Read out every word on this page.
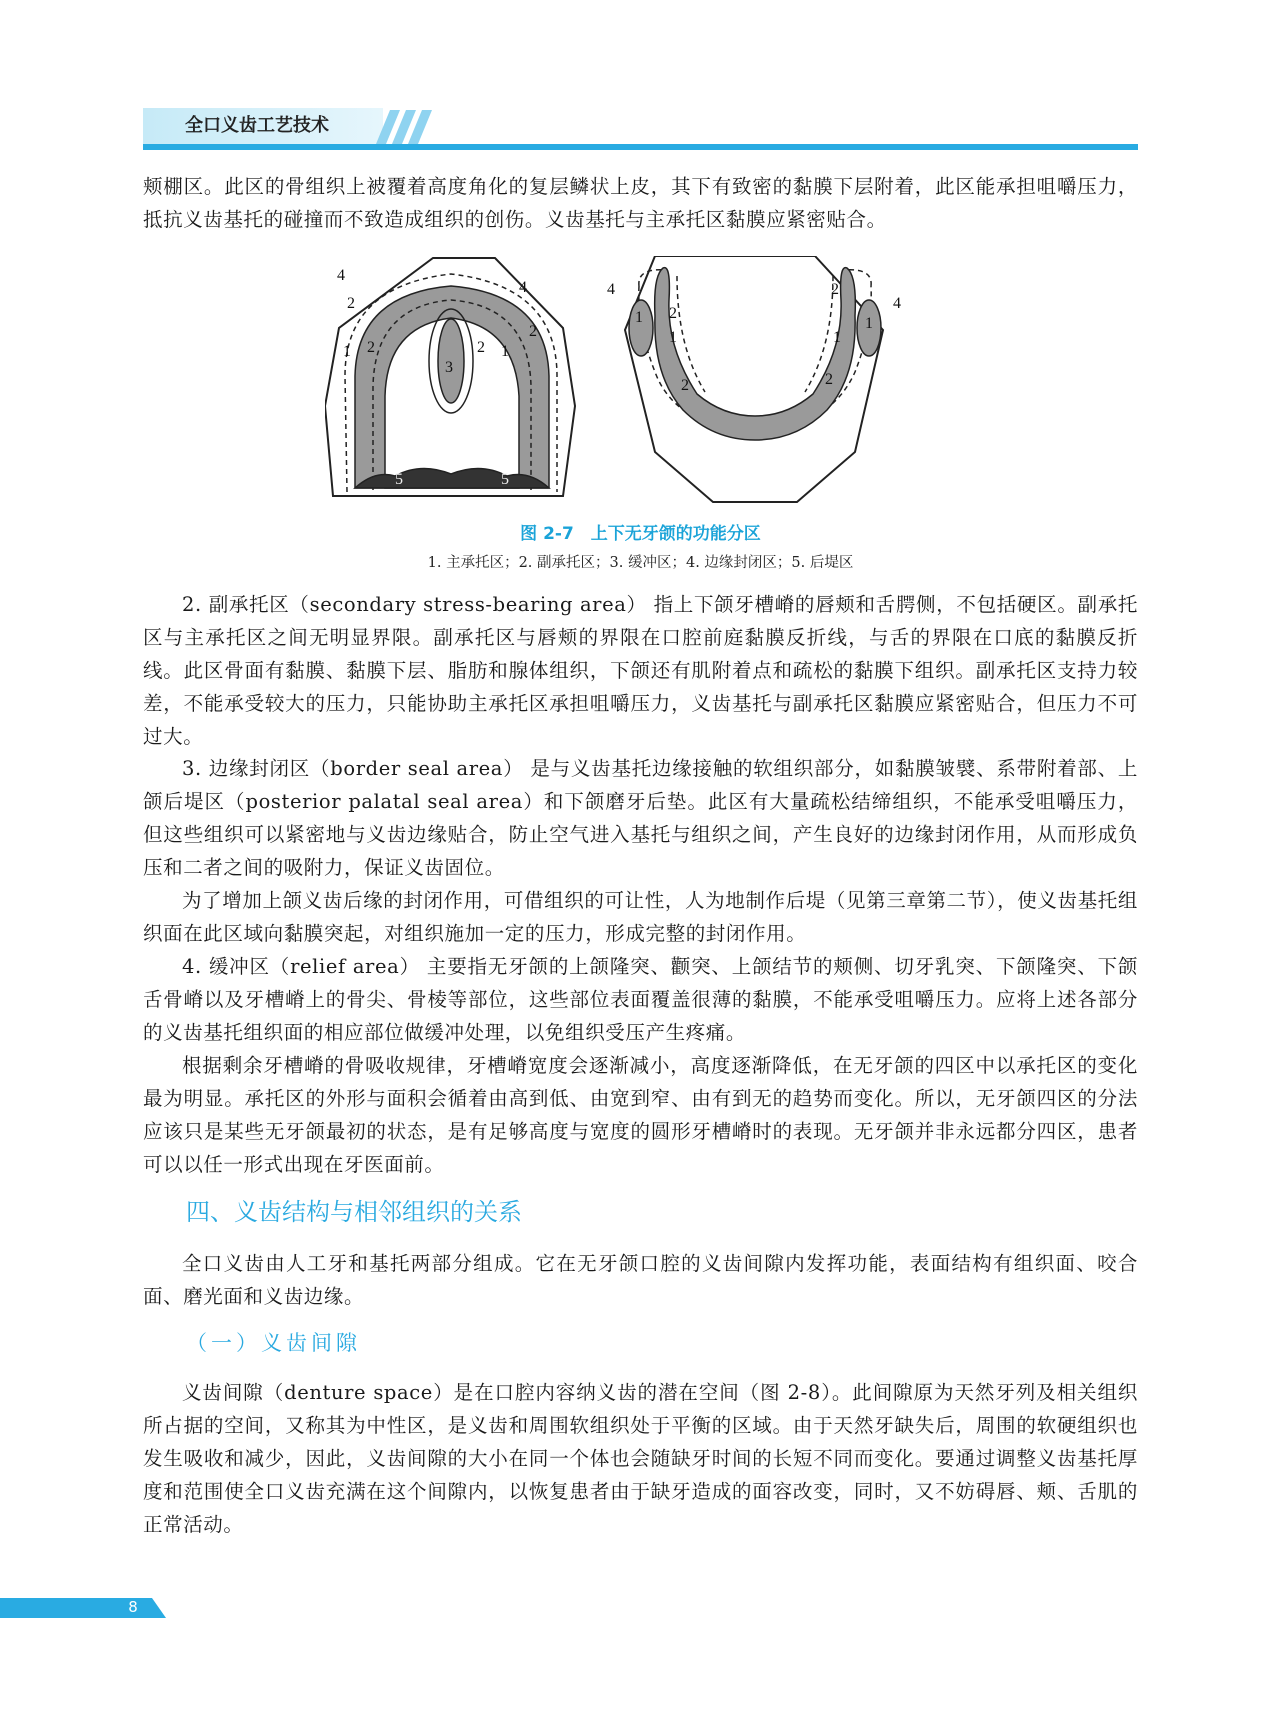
全口义齿工艺技术

颊棚区。此区的骨组织上被覆着高度角化的复层鳞状上皮，其下有致密的黏膜下层附着，此区能承担咀嚼压力，抵抗义齿基托的碰撞而不致造成组织的创伤。义齿基托与主承托区黏膜应紧密贴合。

4
4
2
2
1 2	2 1
3
5	5
4
4
1	1
2
2
1	1
2	2
图 2-7　上下无牙颌的功能分区
1. 主承托区；2. 副承托区；3. 缓冲区；4. 边缘封闭区；5. 后堤区

2. 副承托区（secondary stress-bearing area） 指上下颌牙槽嵴的唇颊和舌腭侧，不包括硬区。副承托区与主承托区之间无明显界限。副承托区与唇颊的界限在口腔前庭黏膜反折线，与舌的界限在口底的黏膜反折线。此区骨面有黏膜、黏膜下层、脂肪和腺体组织，下颌还有肌附着点和疏松的黏膜下组织。副承托区支持力较差，不能承受较大的压力，只能协助主承托区承担咀嚼压力，义齿基托与副承托区黏膜应紧密贴合，但压力不可过大。

3. 边缘封闭区（border seal area） 是与义齿基托边缘接触的软组织部分，如黏膜皱襞、系带附着部、上颌后堤区（posterior palatal seal area）和下颌磨牙后垫。此区有大量疏松结缔组织，不能承受咀嚼压力，但这些组织可以紧密地与义齿边缘贴合，防止空气进入基托与组织之间，产生良好的边缘封闭作用，从而形成负压和二者之间的吸附力，保证义齿固位。

为了增加上颌义齿后缘的封闭作用，可借组织的可让性，人为地制作后堤（见第三章第二节），使义齿基托组织面在此区域向黏膜突起，对组织施加一定的压力，形成完整的封闭作用。

4. 缓冲区（relief area） 主要指无牙颌的上颌隆突、颧突、上颌结节的颊侧、切牙乳突、下颌隆突、下颌舌骨嵴以及牙槽嵴上的骨尖、骨棱等部位，这些部位表面覆盖很薄的黏膜，不能承受咀嚼压力。应将上述各部分的义齿基托组织面的相应部位做缓冲处理，以免组织受压产生疼痛。

根据剩余牙槽嵴的骨吸收规律，牙槽嵴宽度会逐渐减小，高度逐渐降低，在无牙颌的四区中以承托区的变化最为明显。承托区的外形与面积会循着由高到低、由宽到窄、由有到无的趋势而变化。所以，无牙颌四区的分法应该只是某些无牙颌最初的状态，是有足够高度与宽度的圆形牙槽嵴时的表现。无牙颌并非永远都分四区，患者可以以任一形式出现在牙医面前。

四、义齿结构与相邻组织的关系

全口义齿由人工牙和基托两部分组成。它在无牙颌口腔的义齿间隙内发挥功能，表面结构有组织面、咬合面、磨光面和义齿边缘。

（一）义齿间隙

义齿间隙（denture space）是在口腔内容纳义齿的潜在空间（图 2-8）。此间隙原为天然牙列及相关组织所占据的空间，又称其为中性区，是义齿和周围软组织处于平衡的区域。由于天然牙缺失后，周围的软硬组织也发生吸收和减少，因此，义齿间隙的大小在同一个体也会随缺牙时间的长短不同而变化。要通过调整义齿基托厚度和范围使全口义齿充满在这个间隙内，以恢复患者由于缺牙造成的面容改变，同时，又不妨碍唇、颊、舌肌的正常活动。

8
